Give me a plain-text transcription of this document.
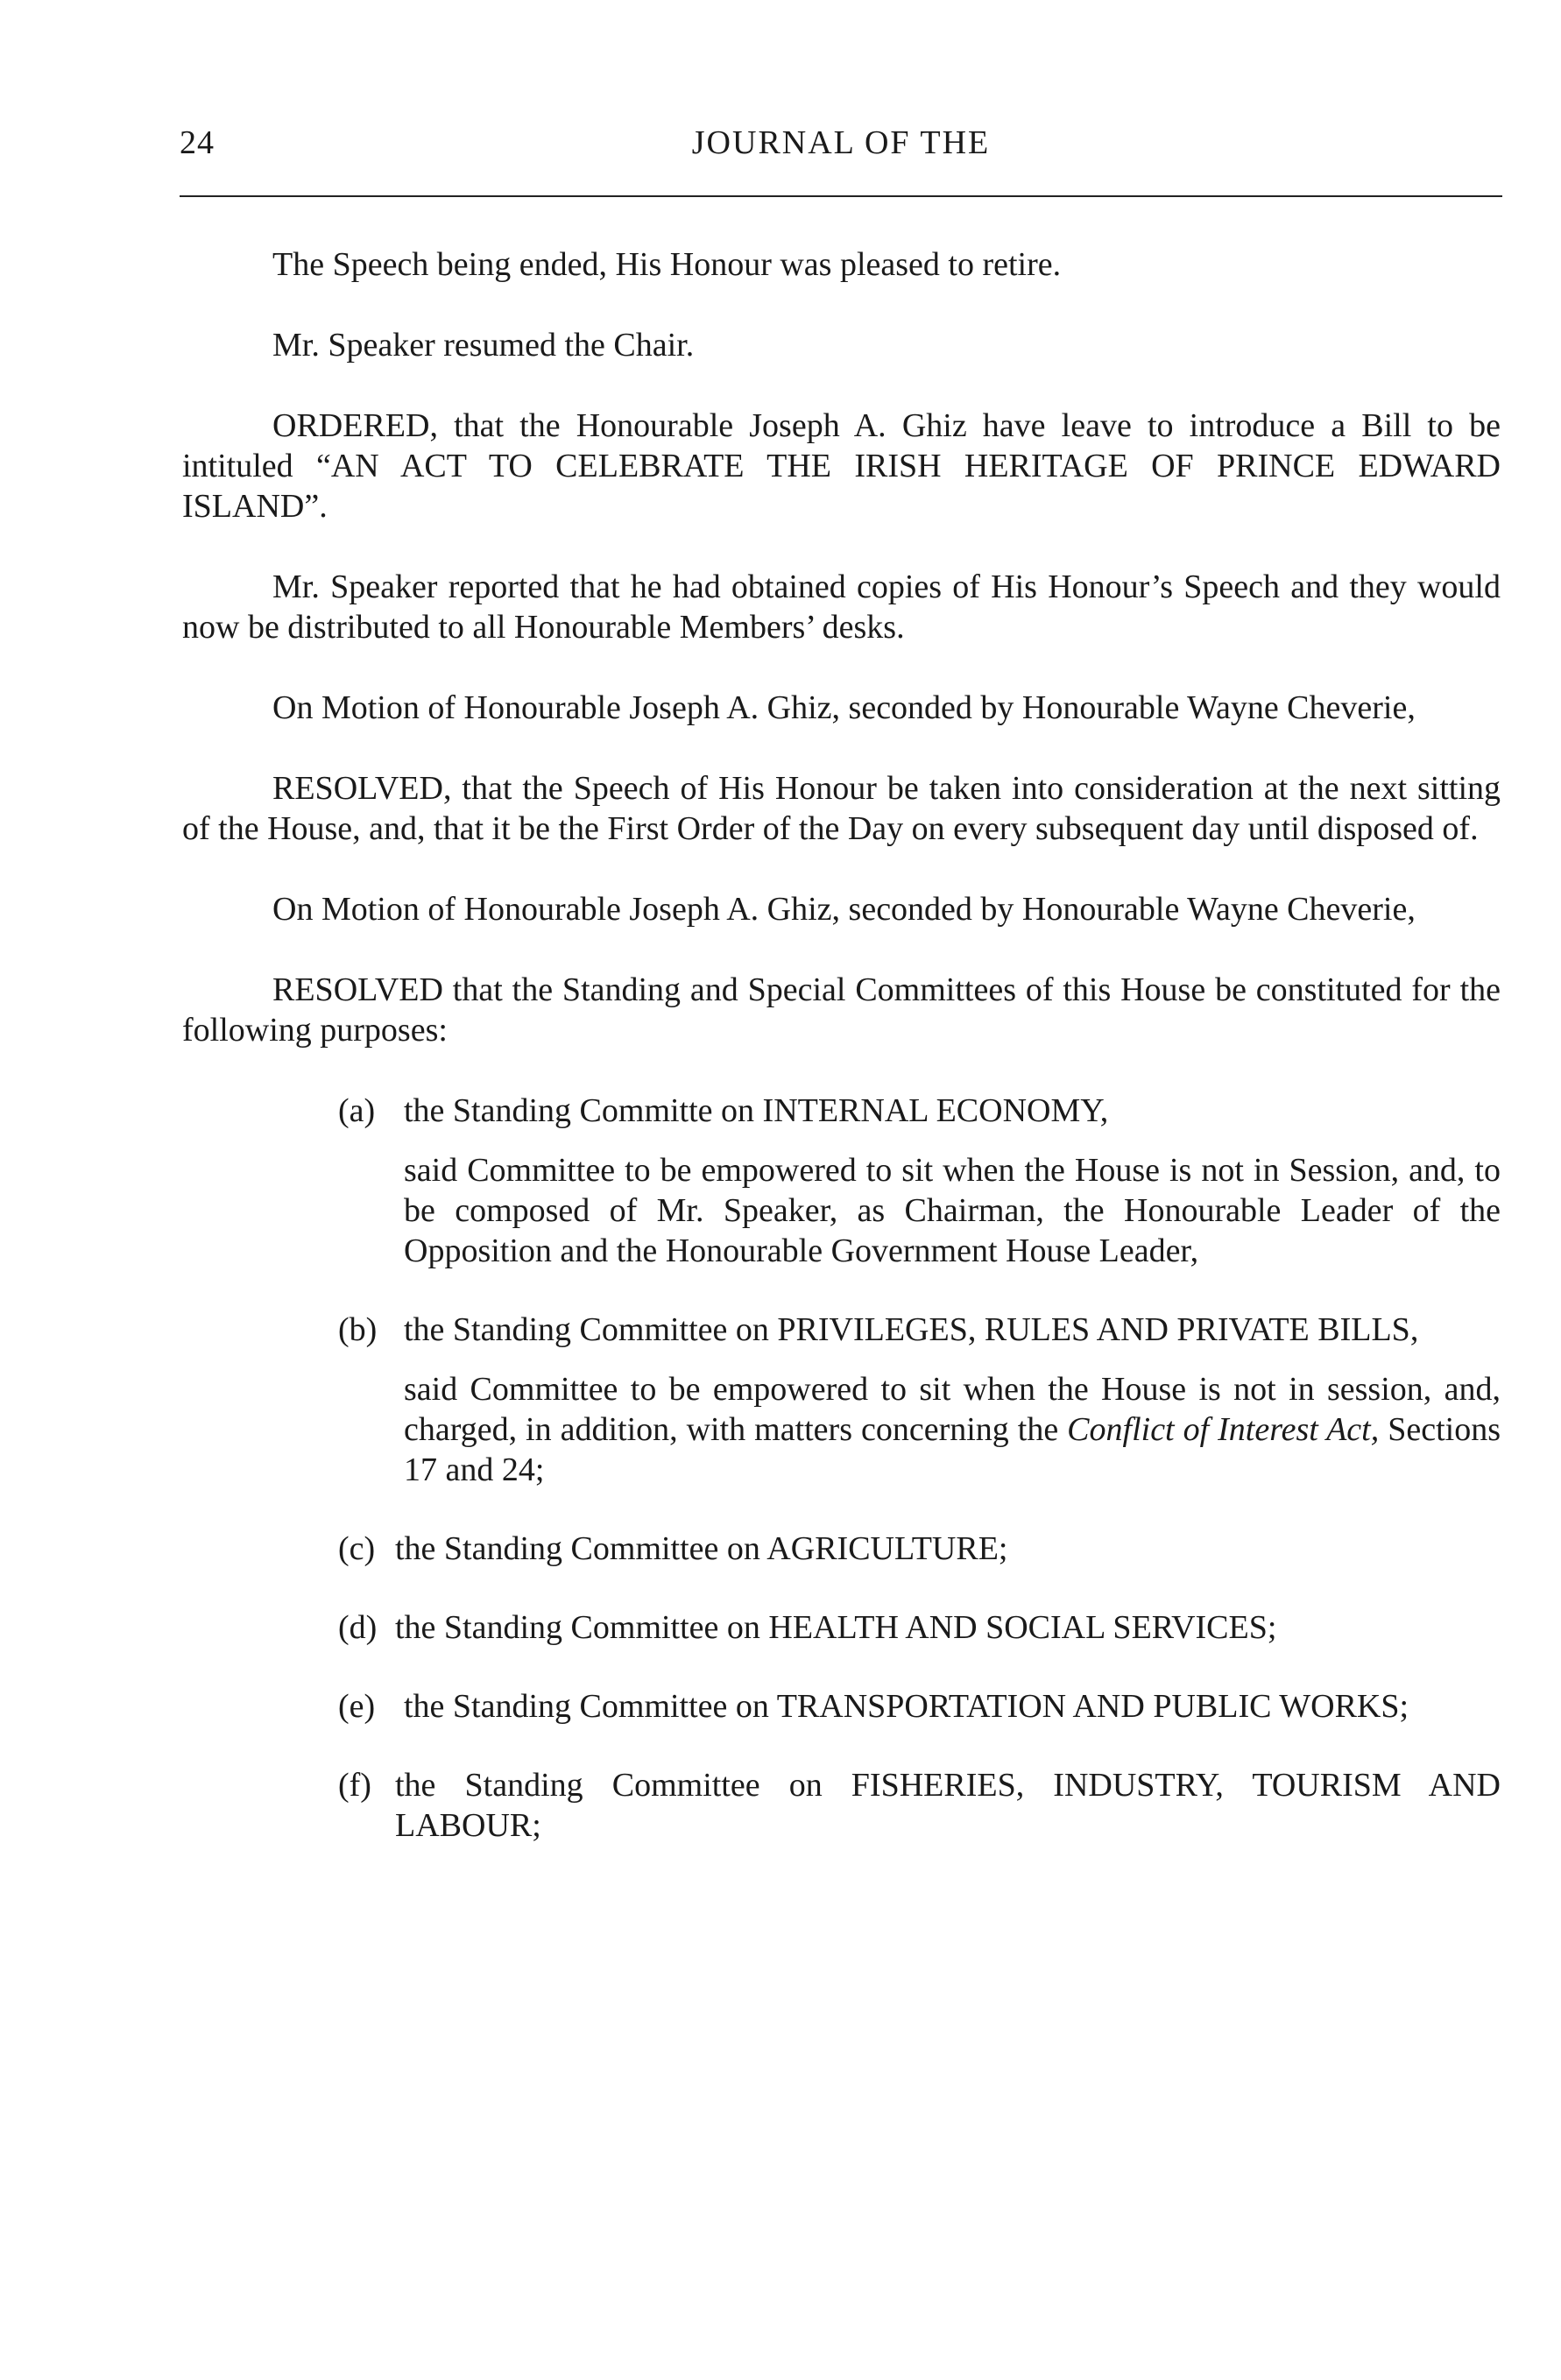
24	JOURNAL OF THE

The Speech being ended, His Honour was pleased to retire.

Mr. Speaker resumed the Chair.

ORDERED, that the Honourable Joseph A. Ghiz have leave to introduce a Bill to be intituled “AN ACT TO CELEBRATE THE IRISH HERITAGE OF PRINCE EDWARD ISLAND”.

Mr. Speaker reported that he had obtained copies of His Honour’s Speech and they would now be distributed to all Honourable Members’ desks.

On Motion of Honourable Joseph A. Ghiz, seconded by Honourable Wayne Cheverie,

RESOLVED, that the Speech of His Honour be taken into consideration at the next sitting of the House, and, that it be the First Order of the Day on every subsequent day until disposed of.

On Motion of Honourable Joseph A. Ghiz, seconded by Honourable Wayne Cheverie,

RESOLVED that the Standing and Special Committees of this House be constituted for the following purposes:

(a) the Standing Committe on INTERNAL ECONOMY,
said Committee to be empowered to sit when the House is not in Session, and, to be composed of Mr. Speaker, as Chairman, the Honourable Leader of the Opposition and the Honourable Government House Leader,
(b) the Standing Committee on PRIVILEGES, RULES AND PRIVATE BILLS,
said Committee to be empowered to sit when the House is not in session, and, charged, in addition, with matters concerning the Conflict of Interest Act, Sections 17 and 24;
(c) the Standing Committee on AGRICULTURE;
(d) the Standing Committee on HEALTH AND SOCIAL SERVICES;
(e) the Standing Committee on TRANSPORTATION AND PUBLIC WORKS;
(f) the Standing Committee on FISHERIES, INDUSTRY, TOURISM AND LABOUR;
